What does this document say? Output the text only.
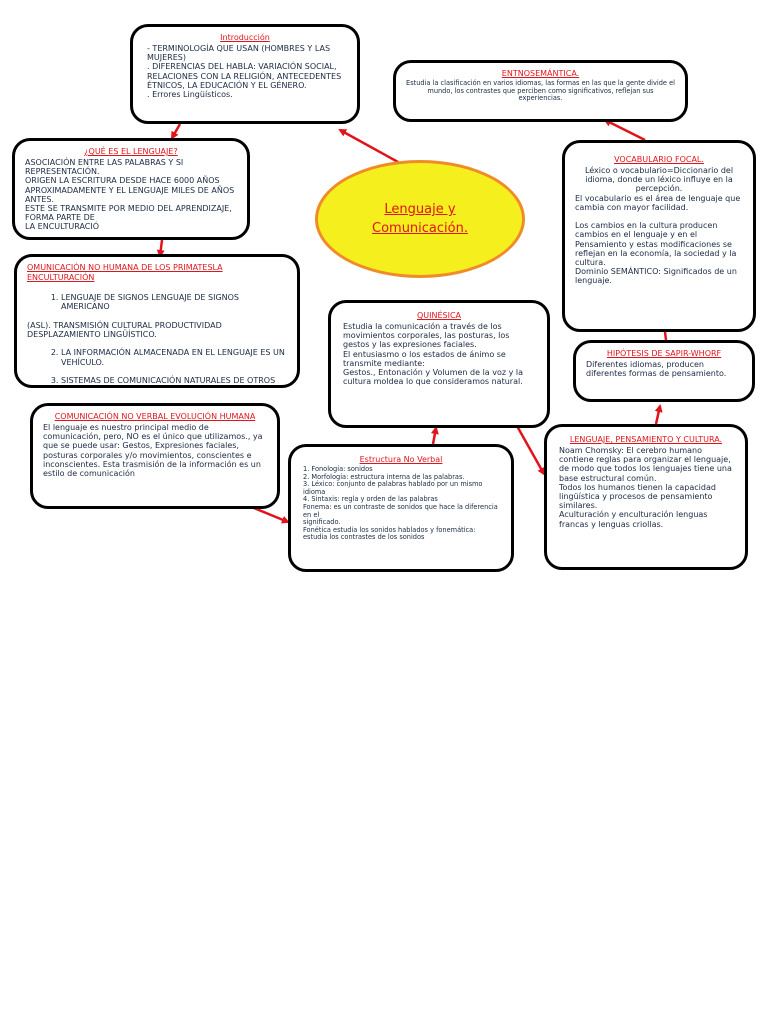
Lenguaje y Comunicación.
Introducción
- TERMINOLOGÍA QUE USAN (HOMBRES Y LAS MUJERES)
. DIFERENCIAS DEL HABLA: VARIACIÓN SOCIAL, RELACIONES CON LA RELIGIÓN, ANTECEDENTES ÉTNICOS, LA EDUCACIÓN Y EL GÉNERO.
. Errores Lingüísticos.
ENTNOSEMÁNTICA.
Estudia la clasificación en varios idiomas, las formas en las que la gente divide el mundo, los contrastes que perciben como significativos, reflejan sus experiencias.
¿QUÉ ES EL LENGUAJE?
ASOCIACIÓN ENTRE LAS PALABRAS Y SI REPRESENTACIÓN.
ORIGEN LA ESCRITURA DESDE HACE 6000 AÑOS APROXIMADAMENTE Y EL LENGUAJE MILES DE AÑOS ANTES.
ESTE SE TRANSMITE POR MEDIO DEL APRENDIZAJE, FORMA PARTE DE
LA ENCULTURACIÓ
VOCABULARIO FOCAL.
Léxico o vocabulario=Diccionario del idioma, donde un léxico influye en la percepción.
El vocabulario es el área de lenguaje que cambia con mayor facilidad.

Los cambios en la cultura producen cambios en el lenguaje y en el
Pensamiento y estas modificaciones se reflejan en la economía, la sociedad y la cultura.
Dominio SEMÁNTICO: Significados de un lenguaje.
OMUNICACIÓN NO HUMANA DE LOS PRIMATESLA ENCULTURACIÓN

1. LENGUAJE DE SIGNOS LENGUAJE DE SIGNOS AMERICANO

(ASL). TRANSMISIÓN CULTURAL PRODUCTIVIDAD DESPLAZAMIENTO LINGÜÍSTICO.

2. LA INFORMACIÓN ALMACENADA EN EL LENGUAJE ES UN VEHÍCULO.

3. SISTEMAS DE COMUNICACIÓN NATURALES DE OTROS

QUINÉSICA
Estudia la comunicación a través de los movimientos corporales, las posturas, los gestos y las expresiones faciales.
El entusiasmo o los estados de ánimo se transmite mediante:
Gestos., Entonación y Volumen de la voz y la cultura moldea lo que consideramos natural.
HIPÓTESIS DE SAPIR-WHORF
Diferentes idiomas, producen diferentes formas de pensamiento.
COMUNICACIÓN NO VERBAL EVOLUCIÓN HUMANA
El lenguaje es nuestro principal medio de comunicación, pero, NO es el único que utilizamos., ya que se puede usar: Gestos, Expresiones faciales, posturas corporales y/o movimientos, conscientes e inconscientes. Esta trasmisión de la información es un estilo de comunicación
Estructura No Verbal
1. Fonología: sonidos
2. Morfología: estructura interna de las palabras.
3. Léxico: conjunto de palabras hablado por un mismo idioma
4. Sintaxis: regla y orden de las palabras
Fonema: es un contraste de sonidos que hace la diferencia en el
significado.
Fonética estudia los sonidos hablados y fonemática: estudia los contrastes de los sonidos
LENGUAJE, PENSAMIENTO Y CULTURA.
Noam Chomsky: El cerebro humano contiene reglas para organizar el lenguaje, de modo que todos los lenguajes tiene una base estructural común.
Todos los humanos tienen la capacidad lingüística y procesos de pensamiento similares.
Aculturación y enculturación lenguas francas y lenguas criollas.
